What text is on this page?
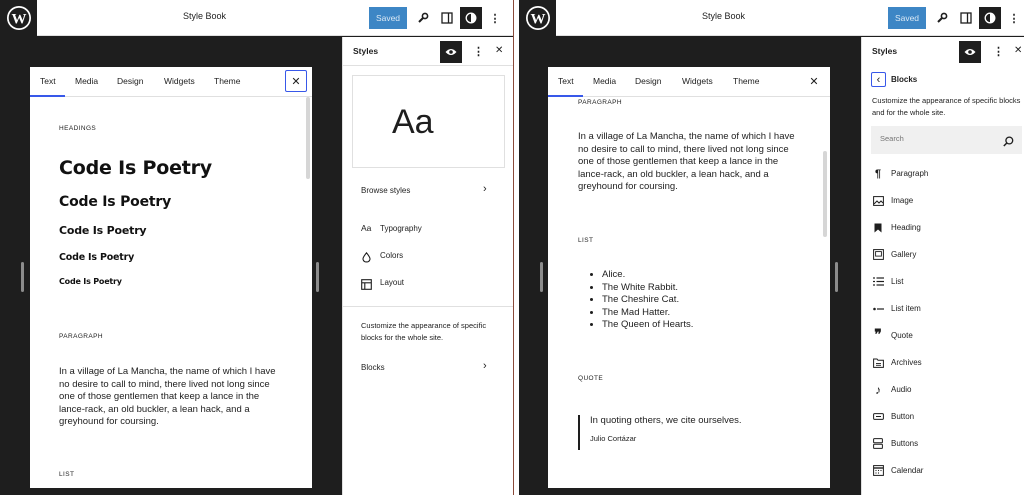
W	Style Book	Saved	⋮
Text Media Design Widgets Theme	✕
HEADINGS
Code Is Poetry
Code Is Poetry
Code Is Poetry
Code Is Poetry
Code Is Poetry
PARAGRAPH
In a village of La Mancha, the name of which I have no desire to call to mind, there lived not long since one of those gentlemen that keep a lance in the lance-rack, an old buckler, a lean hack, and a greyhound for coursing.
LIST
Styles	⋮ ✕
Aa
Browse styles	›
Aa Typography
Colors
Layout
Customize the appearance of specific blocks for the whole site.
Blocks	›
W	Style Book	Saved	⋮
Text Media Design Widgets Theme	✕
PARAGRAPH
In a village of La Mancha, the name of which I have no desire to call to mind, there lived not long since one of those gentlemen that keep a lance in the lance-rack, an old buckler, a lean hack, and a greyhound for coursing.
LIST
• Alice.
• The White Rabbit.
• The Cheshire Cat.
• The Mad Hatter.
• The Queen of Hearts.
QUOTE
In quoting others, we cite ourselves.
Julio Cortázar
Styles	⋮ ✕
‹	Blocks
Customize the appearance of specific blocks and for the whole site.
Search
¶	Paragraph
Image
Heading
Gallery
List
List item
❞ Quote
Archives
♪	Audio
Button
Buttons
Calendar
